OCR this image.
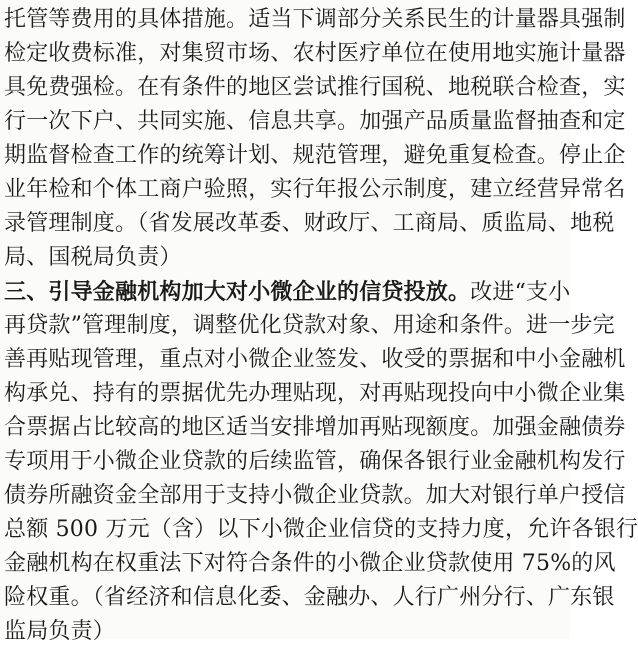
托管等费用的具体措施。适当下调部分关系民生的计量器具强制
检定收费标准，对集贸市场、农村医疗单位在使用地实施计量器
具免费强检。在有条件的地区尝试推行国税、地税联合检查，实
行一次下户、共同实施、信息共享。加强产品质量监督抽查和定
期监督检查工作的统筹计划、规范管理，避免重复检查。停止企
业年检和个体工商户验照，实行年报公示制度，建立经营异常名
录管理制度。（省发展改革委、财政厅、工商局、质监局、地税
局、国税局负责）
三、引导金融机构加大对小微企业的信贷投放。改进“支小
再贷款”管理制度，调整优化贷款对象、用途和条件。进一步完
善再贴现管理，重点对小微企业签发、收受的票据和中小金融机
构承兑、持有的票据优先办理贴现，对再贴现投向中小微企业集
合票据占比较高的地区适当安排增加再贴现额度。加强金融债券
专项用于小微企业贷款的后续监管，确保各银行业金融机构发行
债券所融资金全部用于支持小微企业贷款。加大对银行单户授信
总额 500 万元（含）以下小微企业信贷的支持力度，允许各银行
金融机构在权重法下对符合条件的小微企业贷款使用 75%的风
险权重。（省经济和信息化委、金融办、人行广州分行、广东银
监局负责）
